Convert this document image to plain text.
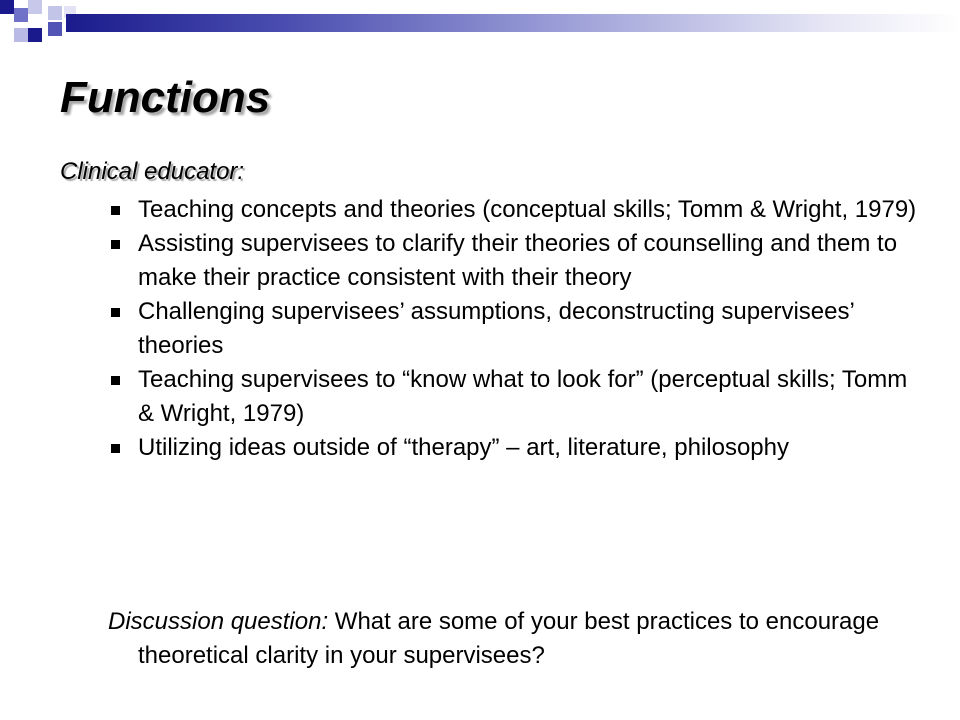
Functions
Clinical educator:
Teaching concepts and theories (conceptual skills; Tomm & Wright, 1979)
Assisting supervisees to clarify their theories of counselling and them to make their practice consistent with their theory
Challenging supervisees’ assumptions, deconstructing supervisees’ theories
Teaching supervisees to “know what to look for” (perceptual skills; Tomm & Wright, 1979)
Utilizing ideas outside of “therapy” – art, literature, philosophy
Discussion question: What are some of your best practices to encourage theoretical clarity in your supervisees?
